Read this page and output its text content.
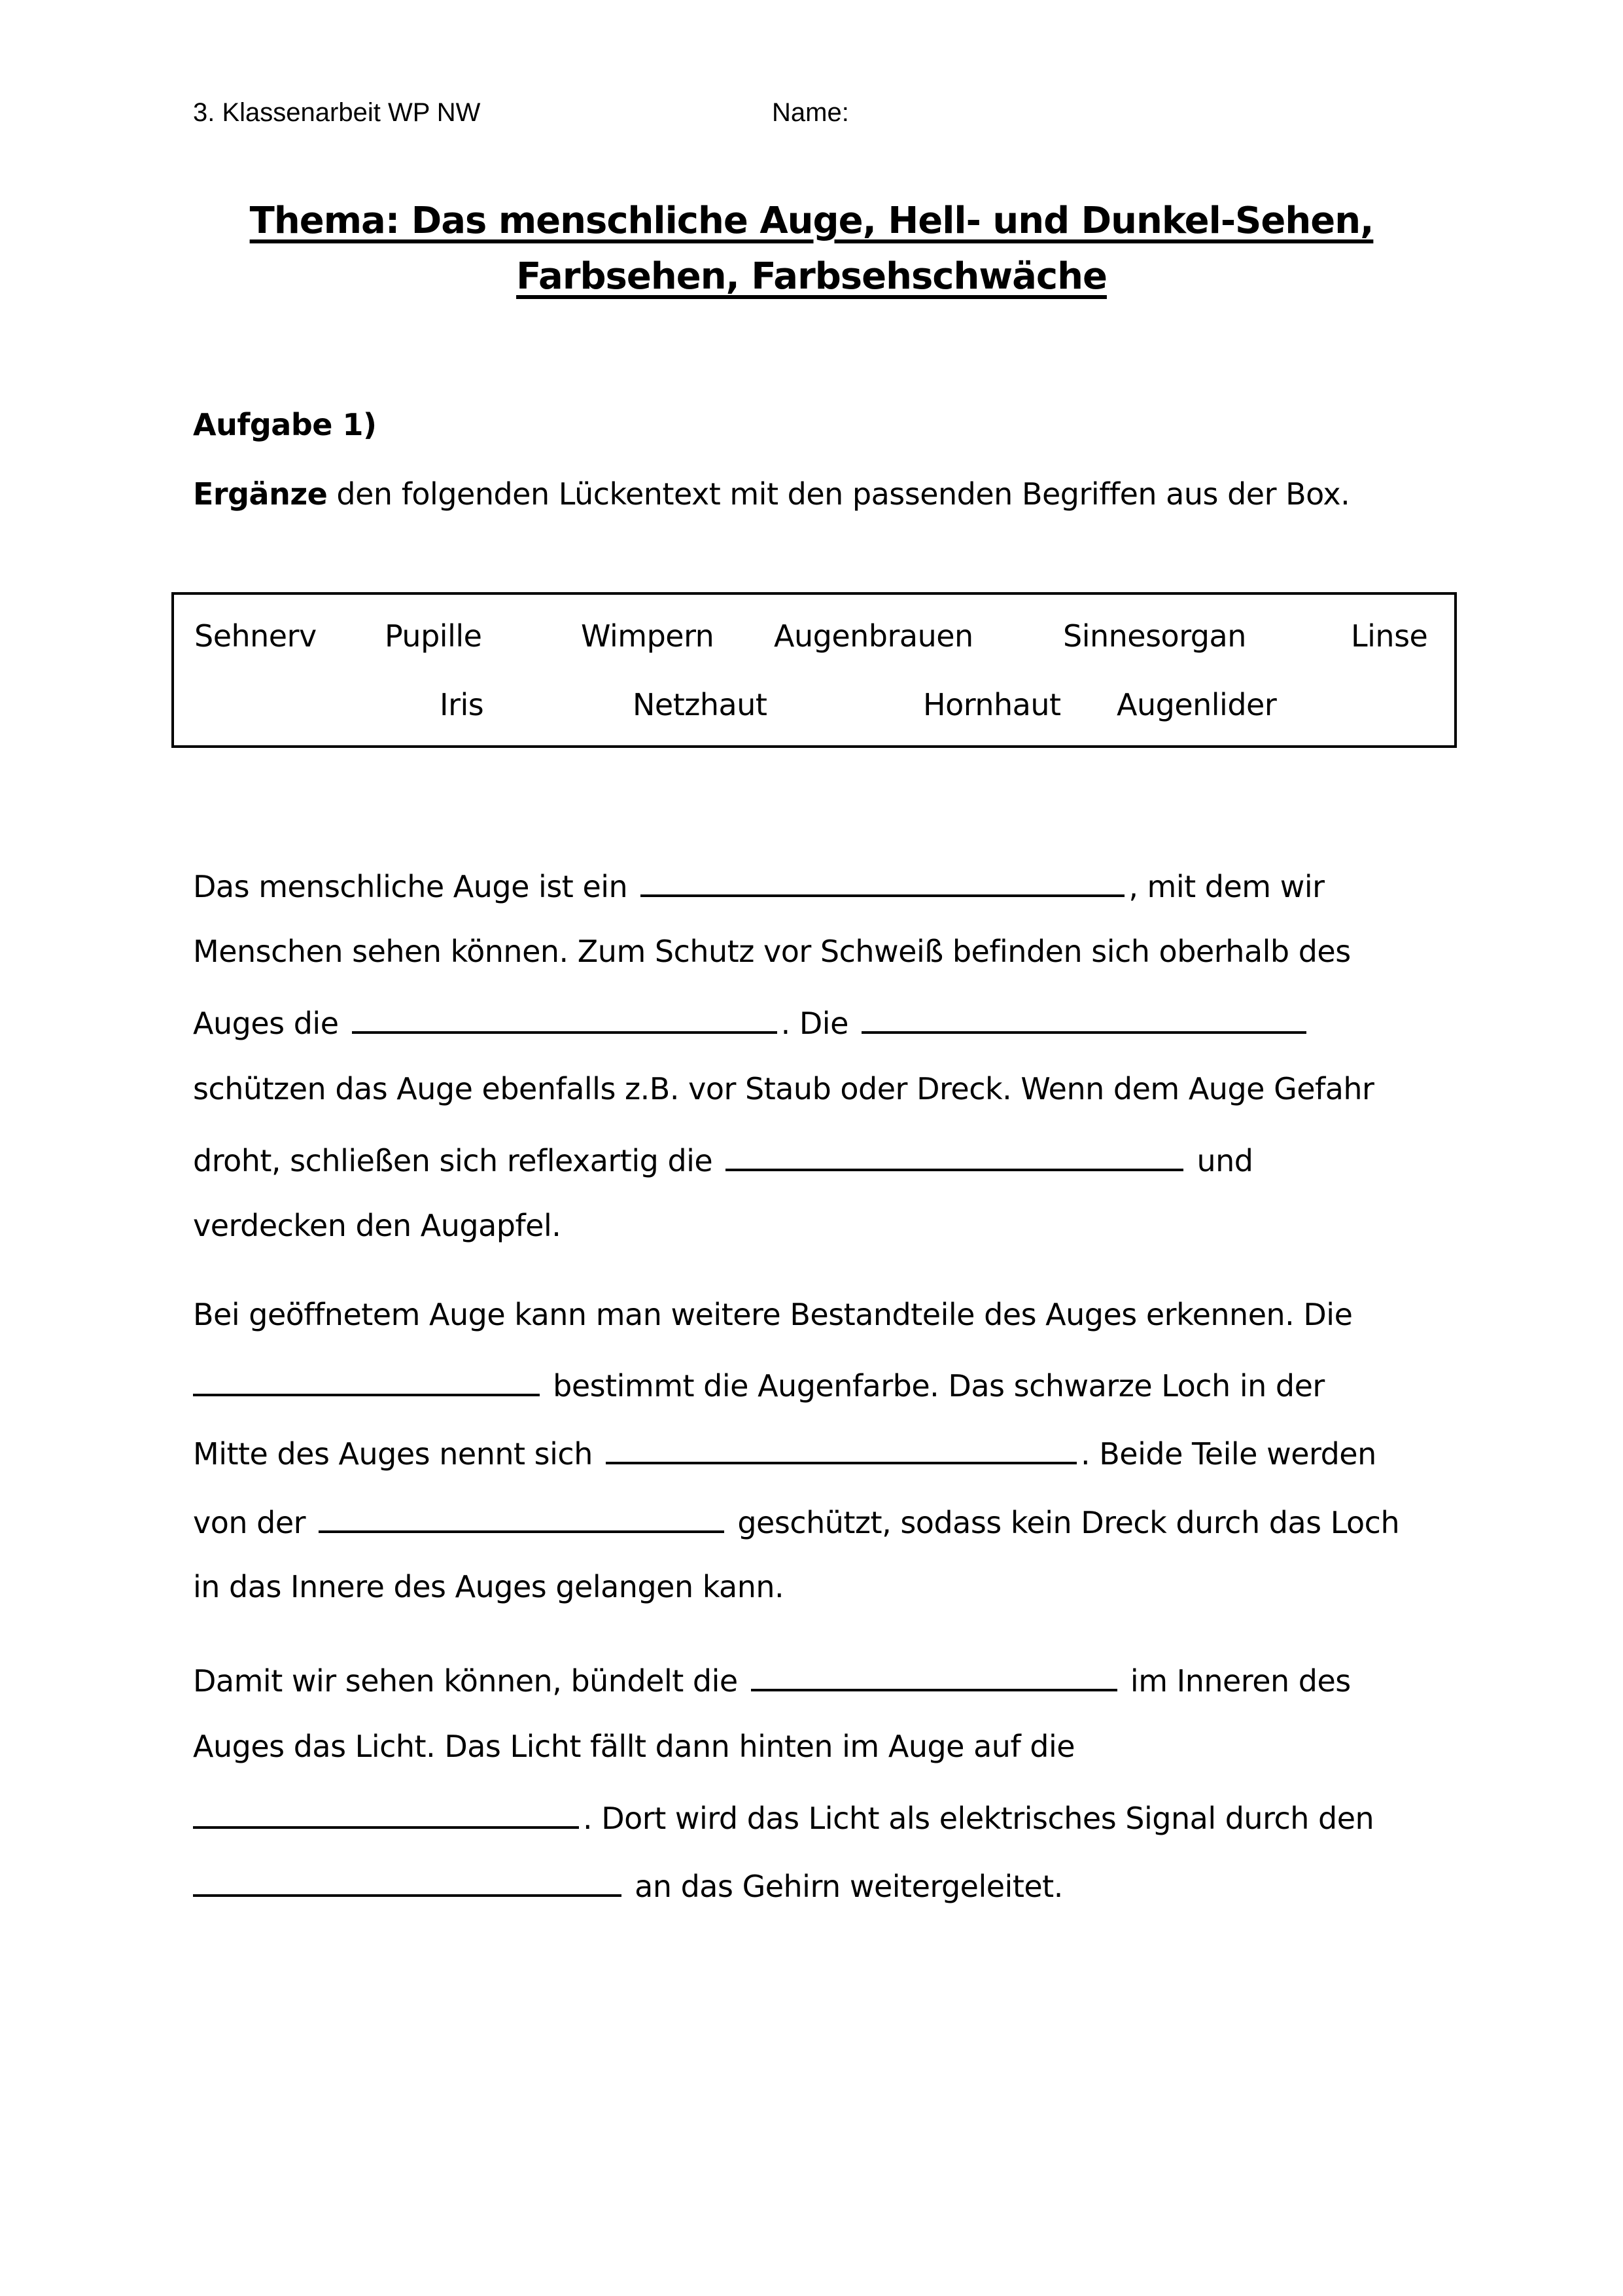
3. Klassenarbeit WP NW	Name:
Thema: Das menschliche Auge, Hell- und Dunkel-Sehen,
Farbsehen, Farbsehschwäche
Aufgabe 1)
Ergänze den folgenden Lückentext mit den passenden Begriffen aus der Box.
Sehnerv Pupille	Wimpern Augenbrauen	Sinnesorgan	Linse
Iris	Netzhaut	Hornhaut Augenlider
Das menschliche Auge ist ein	, mit dem wir
Menschen sehen können. Zum Schutz vor Schweiß befinden sich oberhalb des
Auges die	. Die
schützen das Auge ebenfalls z.B. vor Staub oder Dreck. Wenn dem Auge Gefahr
droht, schließen sich reflexartig die	und
verdecken den Augapfel.
Bei geöffnetem Auge kann man weitere Bestandteile des Auges erkennen. Die
bestimmt die Augenfarbe. Das schwarze Loch in der
Mitte des Auges nennt sich	. Beide Teile werden
von der	geschützt, sodass kein Dreck durch das Loch
in das Innere des Auges gelangen kann.
Damit wir sehen können, bündelt die	im Inneren des
Auges das Licht. Das Licht fällt dann hinten im Auge auf die
. Dort wird das Licht als elektrisches Signal durch den
an das Gehirn weitergeleitet.
